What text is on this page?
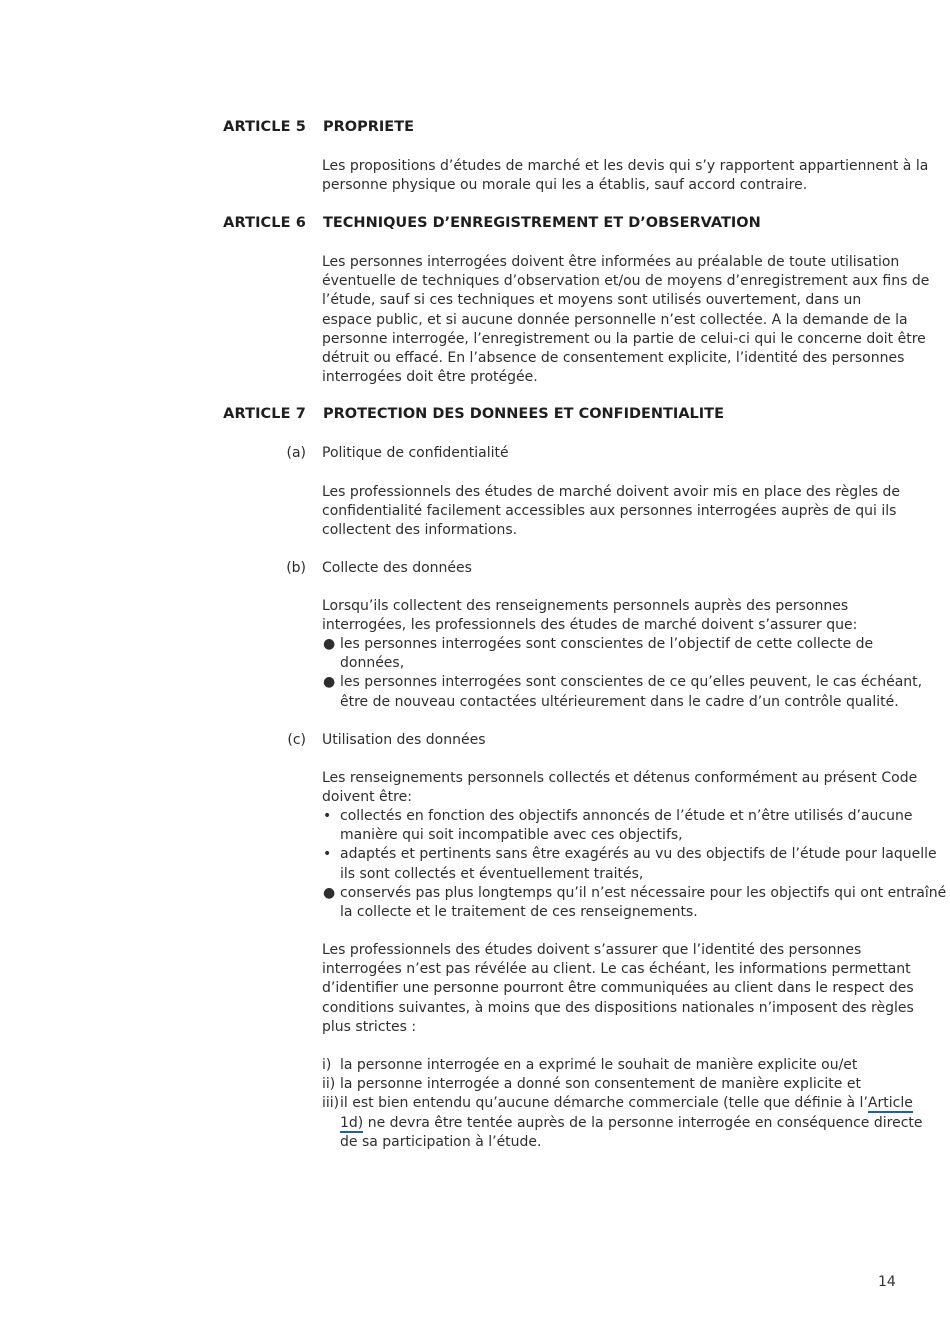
ARTICLE 5 PROPRIETE

Les propositions d’études de marché et les devis qui s’y rapportent appartiennent à la
personne physique ou morale qui les a établis, sauf accord contraire.

ARTICLE 6 TECHNIQUES D’ENREGISTREMENT ET D’OBSERVATION

Les personnes interrogées doivent être informées au préalable de toute utilisation
éventuelle de techniques d’observation et/ou de moyens d’enregistrement aux fins de
l’étude, sauf si ces techniques et moyens sont utilisés ouvertement, dans un
espace public, et si aucune donnée personnelle n’est collectée. A la demande de la
personne interrogée, l’enregistrement ou la partie de celui-ci qui le concerne doit être
détruit ou effacé. En l’absence de consentement explicite, l’identité des personnes
interrogées doit être protégée.

ARTICLE 7 PROTECTION DES DONNEES ET CONFIDENTIALITE
(a) Politique de confidentialité

Les professionnels des études de marché doivent avoir mis en place des règles de
confidentialité facilement accessibles aux personnes interrogées auprès de qui ils
collectent des informations.

(b) Collecte des données

Lorsqu’ils collectent des renseignements personnels auprès des personnes
interrogées, les professionnels des études de marché doivent s’assurer que:

● les personnes interrogées sont conscientes de l’objectif de cette collecte de
données,
● les personnes interrogées sont conscientes de ce qu’elles peuvent, le cas échéant,
être de nouveau contactées ultérieurement dans le cadre d’un contrôle qualité.
(c) Utilisation des données

Les renseignements personnels collectés et détenus conformément au présent Code
doivent être:

• collectés en fonction des objectifs annoncés de l’étude et n’être utilisés d’aucune
manière qui soit incompatible avec ces objectifs,
• adaptés et pertinents sans être exagérés au vu des objectifs de l’étude pour laquelle
ils sont collectés et éventuellement traités,
● conservés pas plus longtemps qu’il n’est nécessaire pour les objectifs qui ont entraîné
la collecte et le traitement de ces renseignements.

Les professionnels des études doivent s’assurer que l’identité des personnes
interrogées n’est pas révélée au client. Le cas échéant, les informations permettant
d’identifier une personne pourront être communiquées au client dans le respect des
conditions suivantes, à moins que des dispositions nationales n’imposent des règles
plus strictes :

i) la personne interrogée en a exprimé le souhait de manière explicite ou/et
ii) la personne interrogée a donné son consentement de manière explicite et
iii) il est bien entendu qu’aucune démarche commerciale (telle que définie à l’Article
1d) ne devra être tentée auprès de la personne interrogée en conséquence directe
de sa participation à l’étude.
14
